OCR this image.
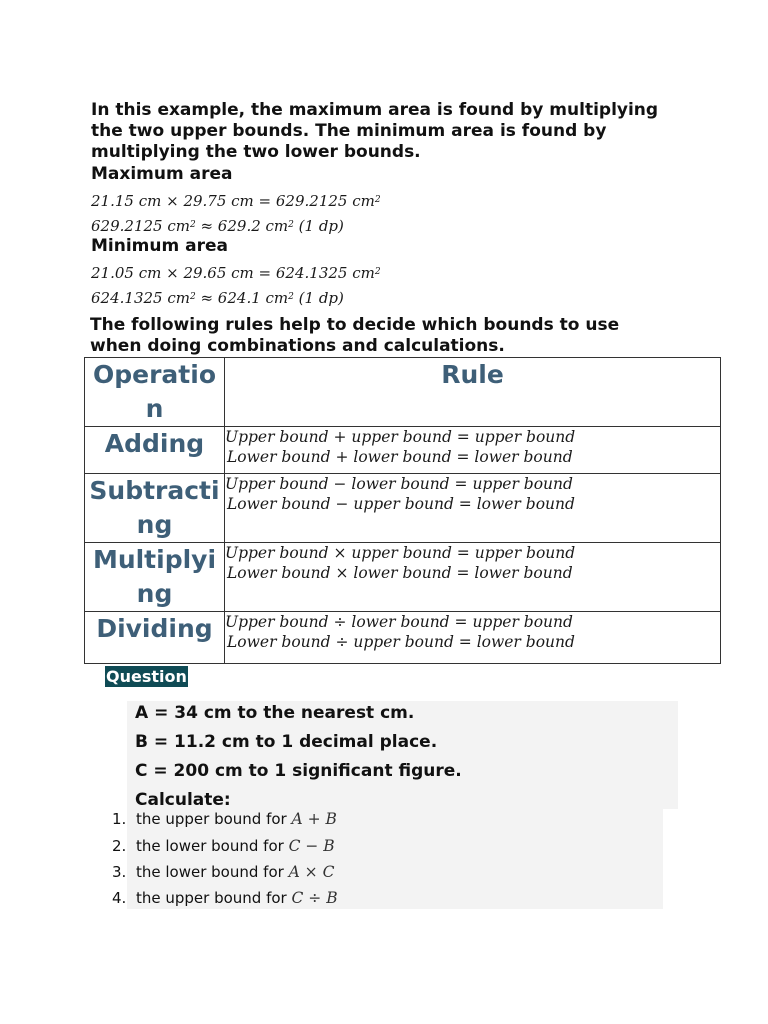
In this example, the maximum area is found by multiplying
the two upper bounds. The minimum area is found by
multiplying the two lower bounds.

Maximum area
21.15 cm × 29.75 cm = 629.2125 $cm^2$
629.2125 $cm^2 \approx 629.2$ $cm^2$ (1 dp)
Minimum area
21.05 cm × 29.65 cm = 624.1325 $cm^2$
624.1325 $cm^2 \approx 624.1$ $cm^2$ (1 dp)

The following rules help to decide which bounds to use
when doing combinations and calculations.

Operation	Rule
Adding	Upper bound + upper bound = upper bound
Lower bound + lower bound = lower bound

Subtracting	Upper bound − lower bound = upper bound
Lower bound − upper bound = lower bound

Multiplying	Upper bound × upper bound = upper bound
Lower bound × lower bound = lower bound

Dividing	Upper bound ÷ lower bound = upper bound
Lower bound ÷ upper bound = lower bound
Question
A = 34 cm to the nearest cm.
B = 11.2 cm to 1 decimal place.
C = 200 cm to 1 significant figure.
Calculate:
1. the upper bound for A + B
2. the lower bound for C − B
3. the lower bound for A × C
4. the upper bound for C ÷ B
